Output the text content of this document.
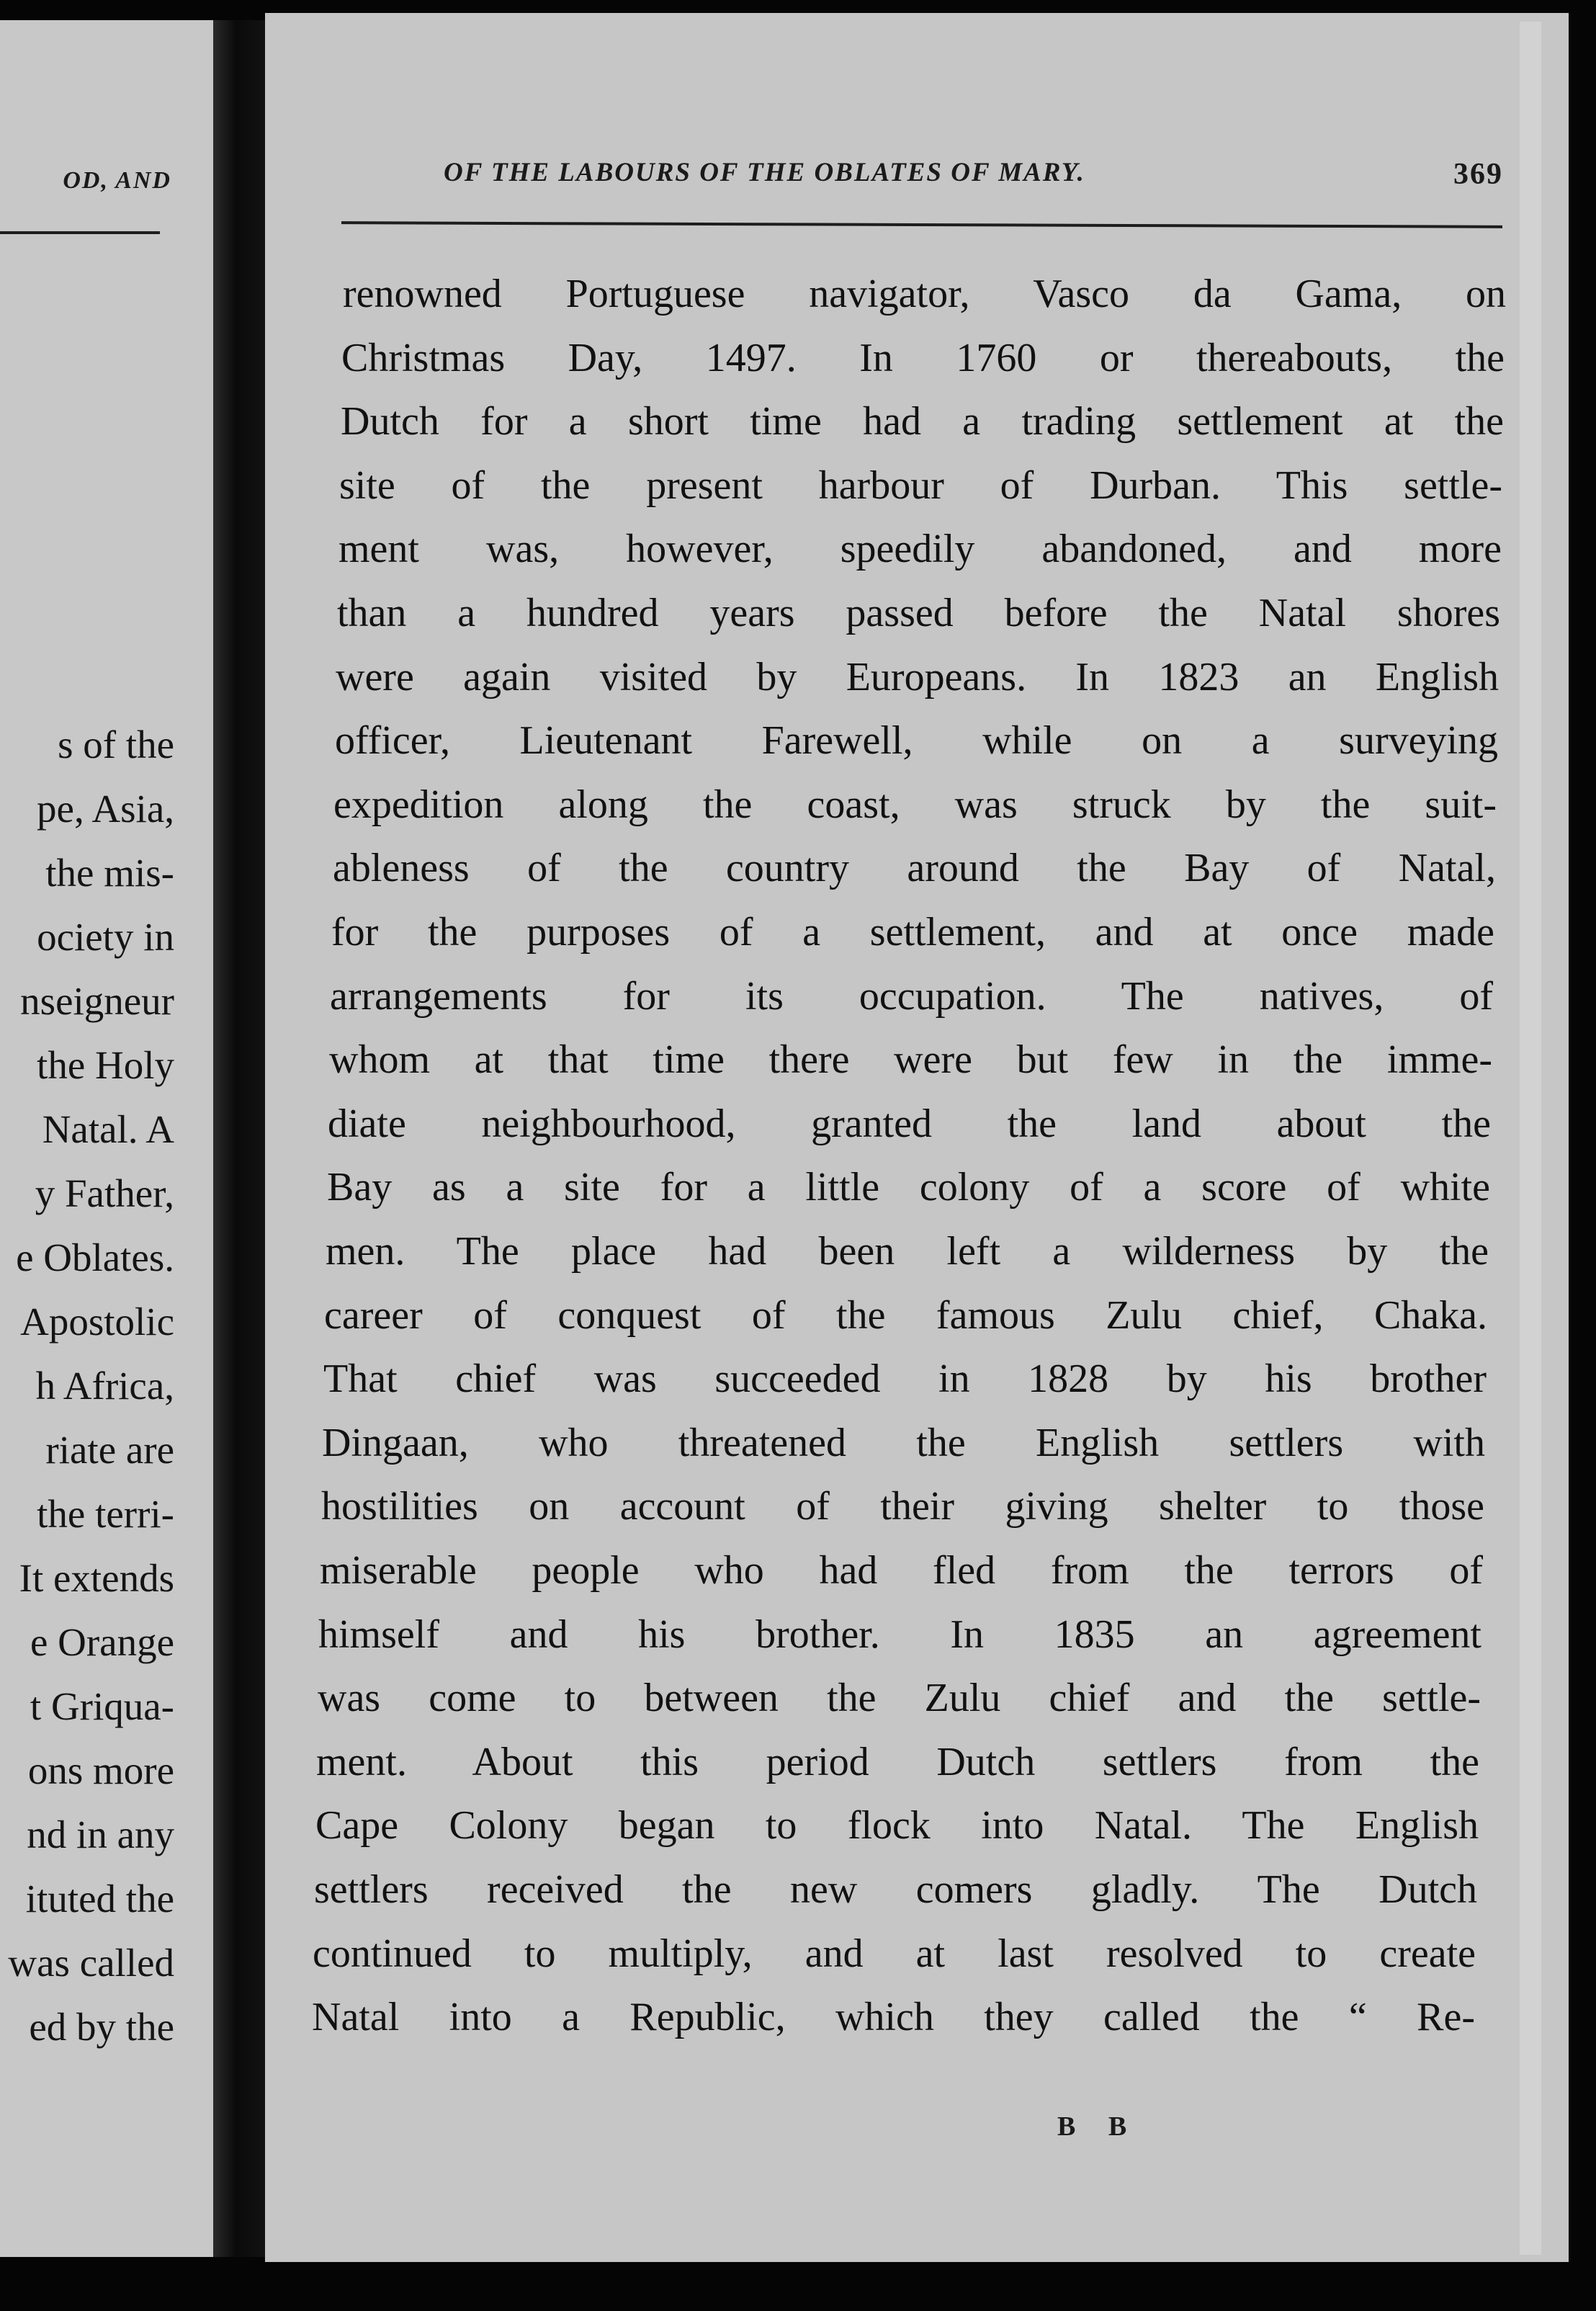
OD, AND
s of the
pe, Asia,
the mis-
ociety in
nseigneur
the Holy
Natal. A
y Father,
e Oblates.
Apostolic
h Africa,
riate are
the terri-
It extends
e Orange
t Griqua-
ons more
nd in any
ituted the
was called
ed by the
OF THE LABOURS OF THE OBLATES OF MARY.	369
renowned Portuguese navigator, Vasco da Gama, on
Christmas Day, 1497. In 1760 or thereabouts, the
Dutch for a short time had a trading settlement at the
site of the present harbour of Durban. This settle-
ment was, however, speedily abandoned, and more
than a hundred years passed before the Natal shores
were again visited by Europeans. In 1823 an English
officer, Lieutenant Farewell, while on a surveying
expedition along the coast, was struck by the suit-
ableness of the country around the Bay of Natal,
for the purposes of a settlement, and at once made
arrangements for its occupation. The natives, of
whom at that time there were but few in the imme-
diate neighbourhood, granted the land about the
Bay as a site for a little colony of a score of white
men. The place had been left a wilderness by the
career of conquest of the famous Zulu chief, Chaka.
That chief was succeeded in 1828 by his brother
Dingaan, who threatened the English settlers with
hostilities on account of their giving shelter to those
miserable people who had fled from the terrors of
himself and his brother. In 1835 an agreement
was come to between the Zulu chief and the settle-
ment. About this period Dutch settlers from the
Cape Colony began to flock into Natal. The English
settlers received the new comers gladly. The Dutch
continued to multiply, and at last resolved to create
Natal into a Republic, which they called the “ Re-
B B
